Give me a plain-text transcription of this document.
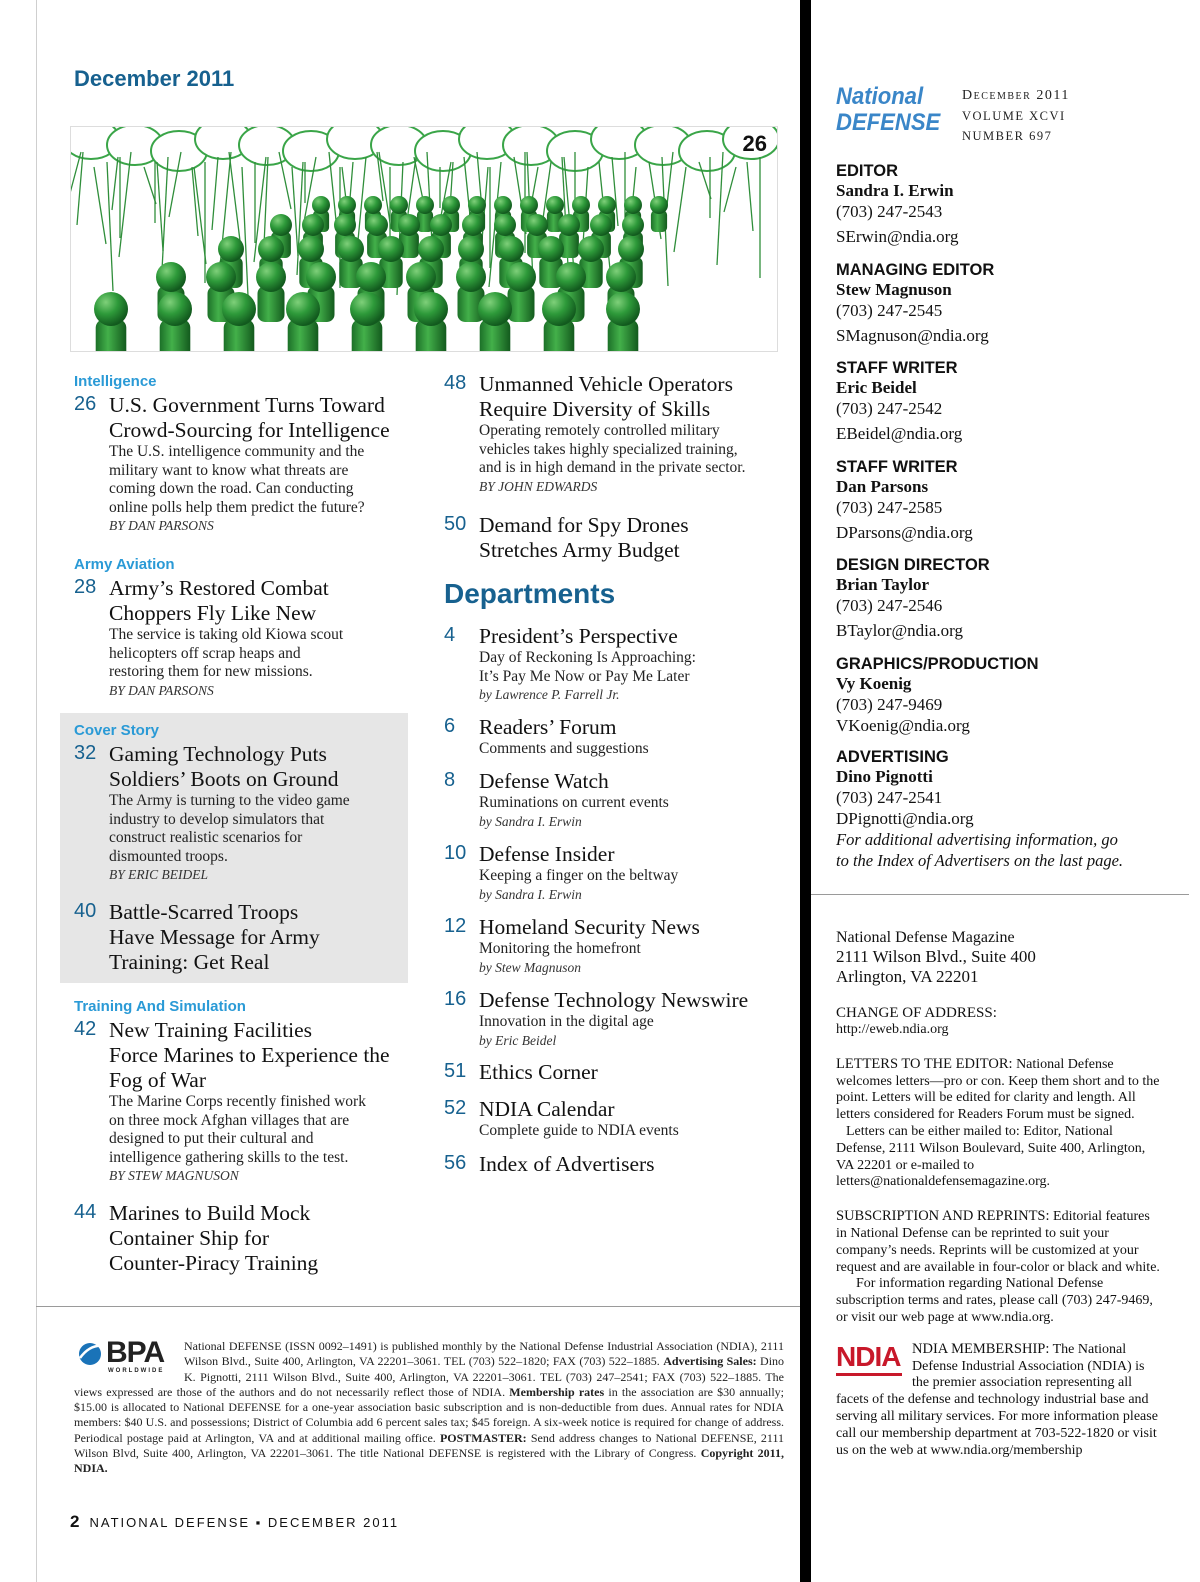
December 2011
26
Intelligence
26 U.S. Government Turns Toward
Crowd-Sourcing for Intelligence
The U.S. intelligence community and the
military want to know what threats are
coming down the road. Can conducting
online polls help them predict the future?
BY DAN PARSONS
Army Aviation
28 Army’s Restored Combat
Choppers Fly Like New
The service is taking old Kiowa scout
helicopters off scrap heaps and
restoring them for new missions.
BY DAN PARSONS
Cover Story
32 Gaming Technology Puts
Soldiers’ Boots on Ground
The Army is turning to the video game
industry to develop simulators that
construct realistic scenarios for
dismounted troops.
BY ERIC BEIDEL
40 Battle-Scarred Troops
Have Message for Army
Training: Get Real
Training And Simulation
42 New Training Facilities
Force Marines to Experience the
Fog of War
The Marine Corps recently finished work
on three mock Afghan villages that are
designed to put their cultural and
intelligence gathering skills to the test.
BY STEW MAGNUSON
44 Marines to Build Mock
Container Ship for
Counter-Piracy Training
48 Unmanned Vehicle Operators
Require Diversity of Skills
Operating remotely controlled military
vehicles takes highly specialized training,
and is in high demand in the private sector.
BY JOHN EDWARDS
50 Demand for Spy Drones
Stretches Army Budget
Departments
4 President’s Perspective
Day of Reckoning Is Approaching:
It’s Pay Me Now or Pay Me Later
by Lawrence P. Farrell Jr.
6 Readers’ Forum
Comments and suggestions
8 Defense Watch
Ruminations on current events
by Sandra I. Erwin
10 Defense Insider
Keeping a finger on the beltway
by Sandra I. Erwin
12 Homeland Security News
Monitoring the homefront
by Stew Magnuson
16 Defense Technology Newswire
Innovation in the digital age
by Eric Beidel
51 Ethics Corner
52 NDIA Calendar
Complete guide to NDIA events
56 Index of Advertisers
BPA
WORLDWIDE
National DEFENSE (ISSN 0092–1491) is published monthly by the National Defense Industrial Association (NDIA), 2111 Wilson Blvd., Suite 400, Arlington, VA 22201–3061. TEL (703) 522–1820; FAX (703) 522–1885. Advertising Sales: Dino K. Pignotti, 2111 Wilson Blvd., Suite 400, Arlington, VA 22201–3061. TEL (703) 247–2541; FAX (703) 522–1885. The views expressed are those of the authors and do not necessarily reflect those of NDIA. Membership rates in the association are $30 annually; $15.00 is allocated to National DEFENSE for a one-year association basic subscription and is non-deductible from dues. Annual rates for NDIA members: $40 U.S. and possessions; District of Columbia add 6 percent sales tax; $45 foreign. A six-week notice is required for change of address. Periodical postage paid at Arlington, VA and at additional mailing office. POSTMASTER: Send address changes to National DEFENSE, 2111 Wilson Blvd, Suite 400, Arlington, VA 22201–3061. The title National DEFENSE is registered with the Library of Congress. Copyright 2011, NDIA.
2 NATIONAL DEFENSE ▪ DECEMBER 2011
National
DEFENSE
December 2011
VOLUME XCVI
NUMBER 697
EDITOR
Sandra I. Erwin
(703) 247-2543
SErwin@ndia.org
MANAGING EDITOR
Stew Magnuson
(703) 247-2545
SMagnuson@ndia.org
STAFF WRITER
Eric Beidel
(703) 247-2542
EBeidel@ndia.org
STAFF WRITER
Dan Parsons
(703) 247-2585
DParsons@ndia.org
DESIGN DIRECTOR
Brian Taylor
(703) 247-2546
BTaylor@ndia.org
GRAPHICS/PRODUCTION
Vy Koenig
(703) 247-9469
VKoenig@ndia.org
ADVERTISING
Dino Pignotti
(703) 247-2541
DPignotti@ndia.org
For additional advertising information, go
to the Index of Advertisers on the last page.
National Defense Magazine
2111 Wilson Blvd., Suite 400
Arlington, VA 22201
CHANGE OF ADDRESS:
http://eweb.ndia.org
LETTERS TO THE EDITOR: National Defense welcomes letters—pro or con. Keep them short and to the point. Letters will be edited for clarity and length. All letters considered for Readers Forum must be signed.
Letters can be either mailed to: Editor, National Defense, 2111 Wilson Boulevard, Suite 400, Arlington, VA 22201 or e-mailed to letters@nationaldefensemagazine.org.
SUBSCRIPTION AND REPRINTS: Editorial features in National Defense can be reprinted to suit your company’s needs. Reprints will be customized at your request and are available in four-color or black and white.
For information regarding National Defense subscription terms and rates, please call (703) 247-9469, or visit our web page at www.ndia.org.
NDIA NDIA MEMBERSHIP: The National Defense Industrial Association (NDIA) is the premier association representing all facets of the defense and technology industrial base and serving all military services. For more information please call our membership department at 703-522-1820 or visit us on the web at www.ndia.org/membership
